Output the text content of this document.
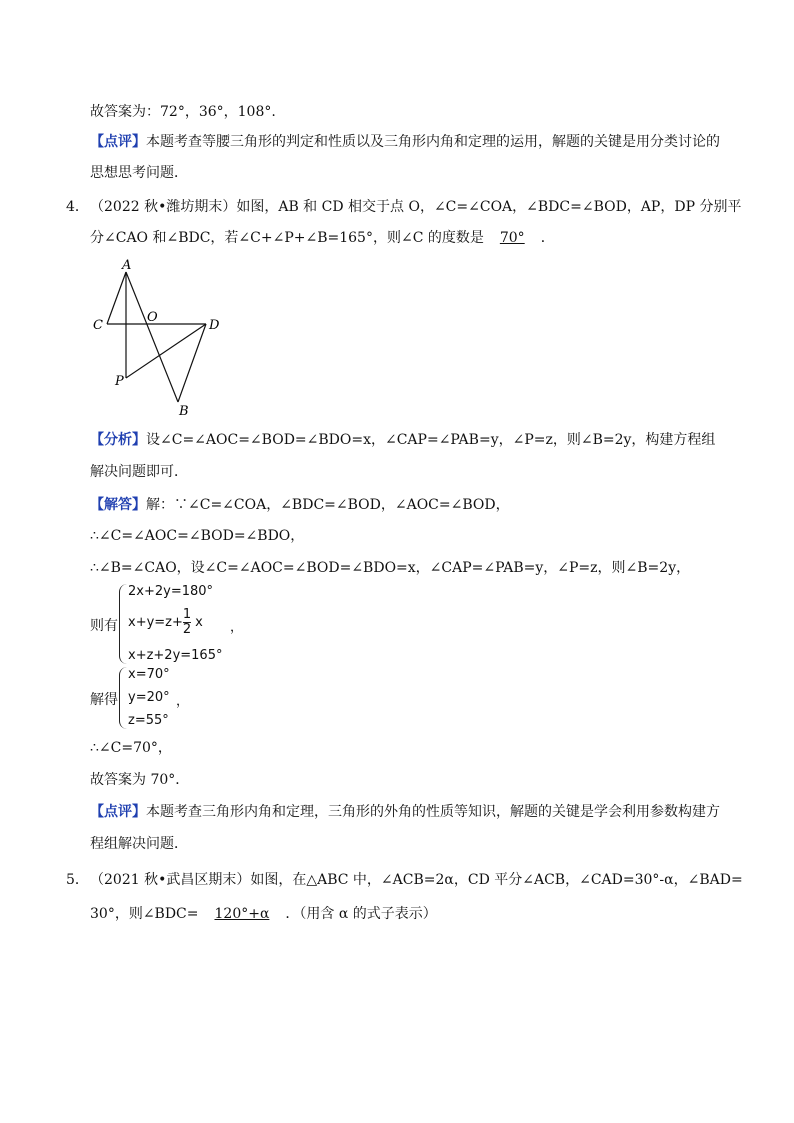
故答案为：72°，36°，108°.
【点评】本题考查等腰三角形的判定和性质以及三角形内角和定理的运用，解题的关键是用分类讨论的
思想思考问题．
4． （2022 秋•潍坊期末）如图，AB 和 CD 相交于点 O，∠C=∠COA，∠BDC=∠BOD，AP，DP 分别平
分∠CAO 和∠BDC，若∠C+∠P+∠B=165°，则∠C 的度数是 70° ．
A
C
O
D
P
B
【分析】设∠C=∠AOC=∠BOD=∠BDO=x，∠CAP=∠PAB=y，∠P=z，则∠B=2y，构建方程组
解决问题即可．
【解答】解：∵∠C=∠COA，∠BDC=∠BOD，∠AOC=∠BOD，
∴∠C=∠AOC=∠BOD=∠BDO，
∴∠B=∠CAO，设∠C=∠AOC=∠BOD=∠BDO=x，∠CAP=∠PAB=y，∠P=z，则∠B=2y，
则有
2x+2y=180°
$x+y=z+ \frac{1}{2}$ x
x+z+2y=165°
，
解得
x=70°
y=20°
z=55°
，
∴∠C=70°，
故答案为 70°．
【点评】本题考查三角形内角和定理，三角形的外角的性质等知识，解题的关键是学会利用参数构建方
程组解决问题．
5． （2021 秋•武昌区期末）如图，在△ABC 中，∠ACB=2α，CD 平分∠ACB，∠CAD=30°-α，∠BAD=
30°，则∠BDC= 120°+α ．（用含 α 的式子表示）
